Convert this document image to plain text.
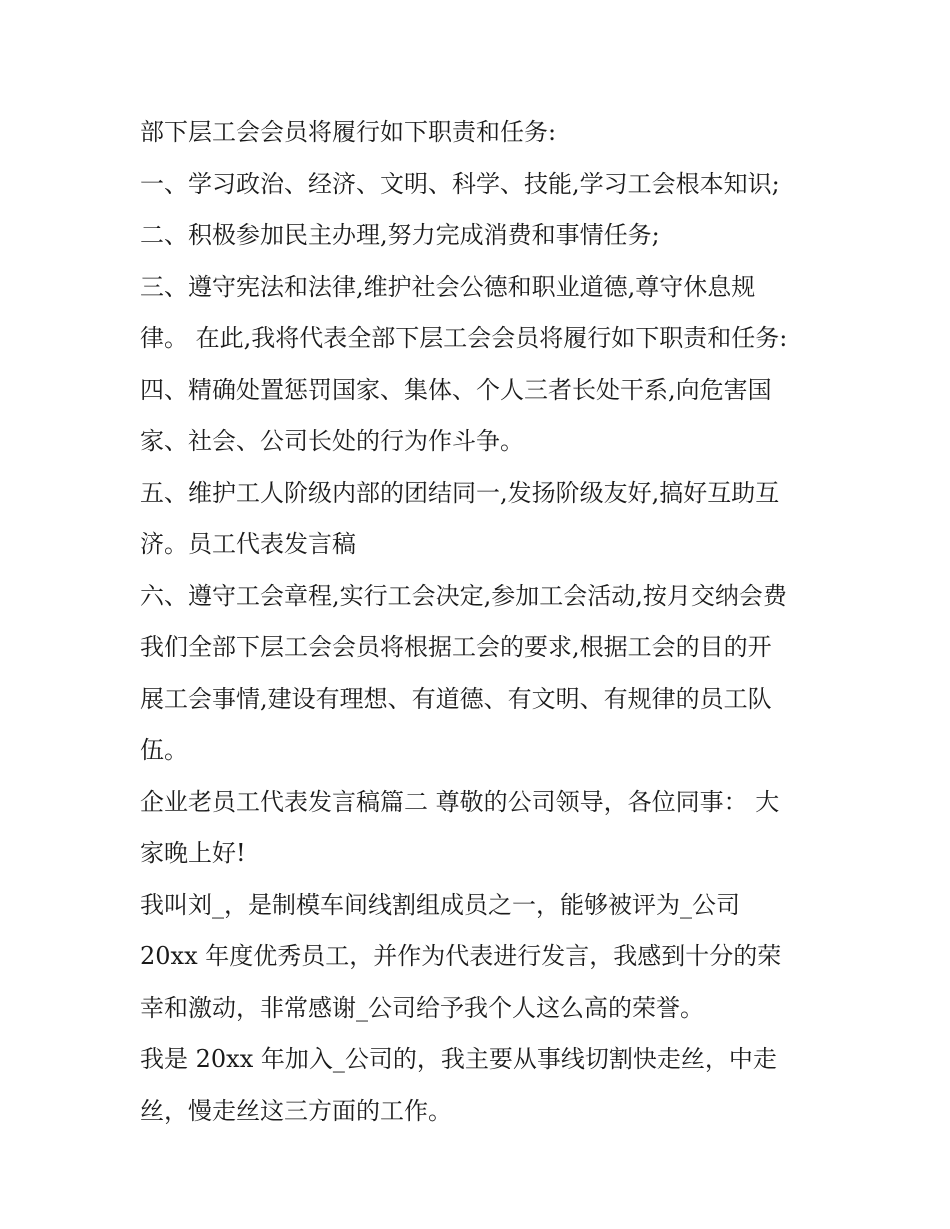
部下层工会会员将履行如下职责和任务:
一、学习政治、经济、文明、科学、技能,学习工会根本知识;
二、积极参加民主办理,努力完成消费和事情任务;
三、遵守宪法和法律,维护社会公德和职业道德,尊守休息规
律。 在此,我将代表全部下层工会会员将履行如下职责和任务:
四、精确处置惩罚国家、集体、个人三者长处干系,向危害国
家、社会、公司长处的行为作斗争。
五、维护工人阶级内部的团结同一,发扬阶级友好,搞好互助互
济。员工代表发言稿
六、遵守工会章程,实行工会决定,参加工会活动,按月交纳会费
我们全部下层工会会员将根据工会的要求,根据工会的目的开
展工会事情,建设有理想、有道德、有文明、有规律的员工队
伍。
企业老员工代表发言稿篇二 尊敬的公司领导，各位同事： 大
家晚上好!
我叫刘_，是制模车间线割组成员之一，能够被评为_公司
20xx 年度优秀员工，并作为代表进行发言，我感到十分的荣
幸和激动，非常感谢_公司给予我个人这么高的荣誉。
我是 20xx 年加入_公司的，我主要从事线切割快走丝，中走
丝，慢走丝这三方面的工作。
